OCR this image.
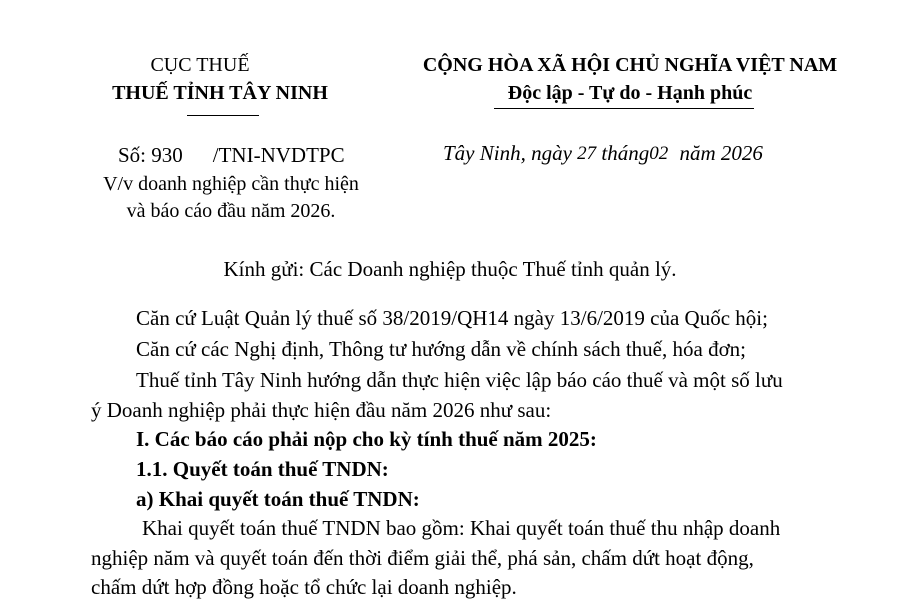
CỤC THUẾ
THUẾ TỈNH TÂY NINH
Số: 930 /TNI-NVDTPC
V/v doanh nghiệp cần thực hiện
và báo cáo đầu năm 2026.
CỘNG HÒA XÃ HỘI CHỦ NGHĨA VIỆT NAM
Độc lập - Tự do - Hạnh phúc
Tây Ninh, ngày 27 tháng02 năm 2026
Kính gửi: Các Doanh nghiệp thuộc Thuế tỉnh quản lý.
Căn cứ Luật Quản lý thuế số 38/2019/QH14 ngày 13/6/2019 của Quốc hội;
Căn cứ các Nghị định, Thông tư hướng dẫn về chính sách thuế, hóa đơn;
Thuế tỉnh Tây Ninh hướng dẫn thực hiện việc lập báo cáo thuế và một số lưu
ý Doanh nghiệp phải thực hiện đầu năm 2026 như sau:
I. Các báo cáo phải nộp cho kỳ tính thuế năm 2025:
1.1. Quyết toán thuế TNDN:
a) Khai quyết toán thuế TNDN:
Khai quyết toán thuế TNDN bao gồm: Khai quyết toán thuế thu nhập doanh
nghiệp năm và quyết toán đến thời điểm giải thể, phá sản, chấm dứt hoạt động,
chấm dứt hợp đồng hoặc tổ chức lại doanh nghiệp.
